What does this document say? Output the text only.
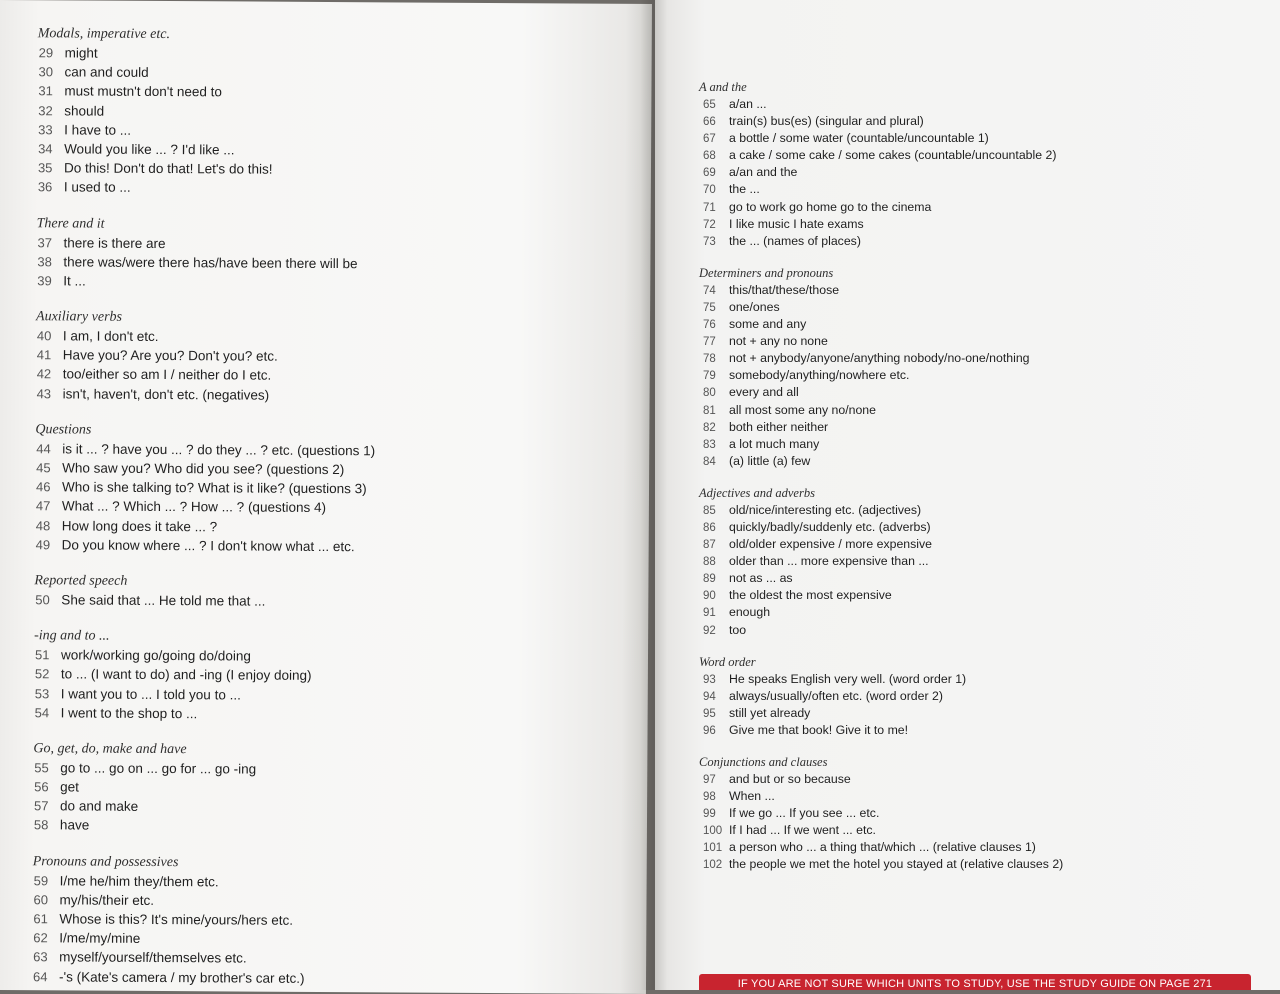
Modals, imperative etc.
29 might
30 can and could
31 must mustn't don't need to
32 should
33 I have to ...
34 Would you like ... ? I'd like ...
35 Do this! Don't do that! Let's do this!
36 I used to ...
There and it
37 there is there are
38 there was/were there has/have been there will be
39 It ...
Auxiliary verbs
40 I am, I don't etc.
41 Have you? Are you? Don't you? etc.
42 too/either so am I / neither do I etc.
43 isn't, haven't, don't etc. (negatives)
Questions
44 is it ... ? have you ... ? do they ... ? etc. (questions 1)
45 Who saw you? Who did you see? (questions 2)
46 Who is she talking to? What is it like? (questions 3)
47 What ... ? Which ... ? How ... ? (questions 4)
48 How long does it take ... ?
49 Do you know where ... ? I don't know what ... etc.
Reported speech
50 She said that ... He told me that ...
-ing and to ...
51 work/working go/going do/doing
52 to ... (I want to do) and -ing (I enjoy doing)
53 I want you to ... I told you to ...
54 I went to the shop to ...
Go, get, do, make and have
55 go to ... go on ... go for ... go -ing
56 get
57 do and make
58 have
Pronouns and possessives
59 I/me he/him they/them etc.
60 my/his/their etc.
61 Whose is this? It's mine/yours/hers etc.
62 I/me/my/mine
63 myself/yourself/themselves etc.
64 -'s (Kate's camera / my brother's car etc.)
A and the
65	a/an ...
66	train(s) bus(es) (singular and plural)
67	a bottle / some water (countable/uncountable 1)
68	a cake / some cake / some cakes (countable/uncountable 2)
69	a/an and the
70	the ...
71	go to work go home go to the cinema
72	I like music I hate exams
73	the ... (names of places)
Determiners and pronouns
74	this/that/these/those
75	one/ones
76	some and any
77	not + any no none
78	not + anybody/anyone/anything nobody/no-one/nothing
79	somebody/anything/nowhere etc.
80	every and all
81	all most some any no/none
82	both either neither
83	a lot much many
84	(a) little (a) few
Adjectives and adverbs
85	old/nice/interesting etc. (adjectives)
86	quickly/badly/suddenly etc. (adverbs)
87	old/older expensive / more expensive
88	older than ... more expensive than ...
89	not as ... as
90	the oldest the most expensive
91	enough
92	too
Word order
93	He speaks English very well. (word order 1)
94	always/usually/often etc. (word order 2)
95	still yet already
96	Give me that book! Give it to me!
Conjunctions and clauses
97	and but or so because
98	When ...
99	If we go ... If you see ... etc.
100 If I had ... If we went ... etc.
101 a person who ... a thing that/which ... (relative clauses 1)
102 the people we met the hotel you stayed at (relative clauses 2)
IF YOU ARE NOT SURE WHICH UNITS TO STUDY, USE THE STUDY GUIDE ON PAGE 271
